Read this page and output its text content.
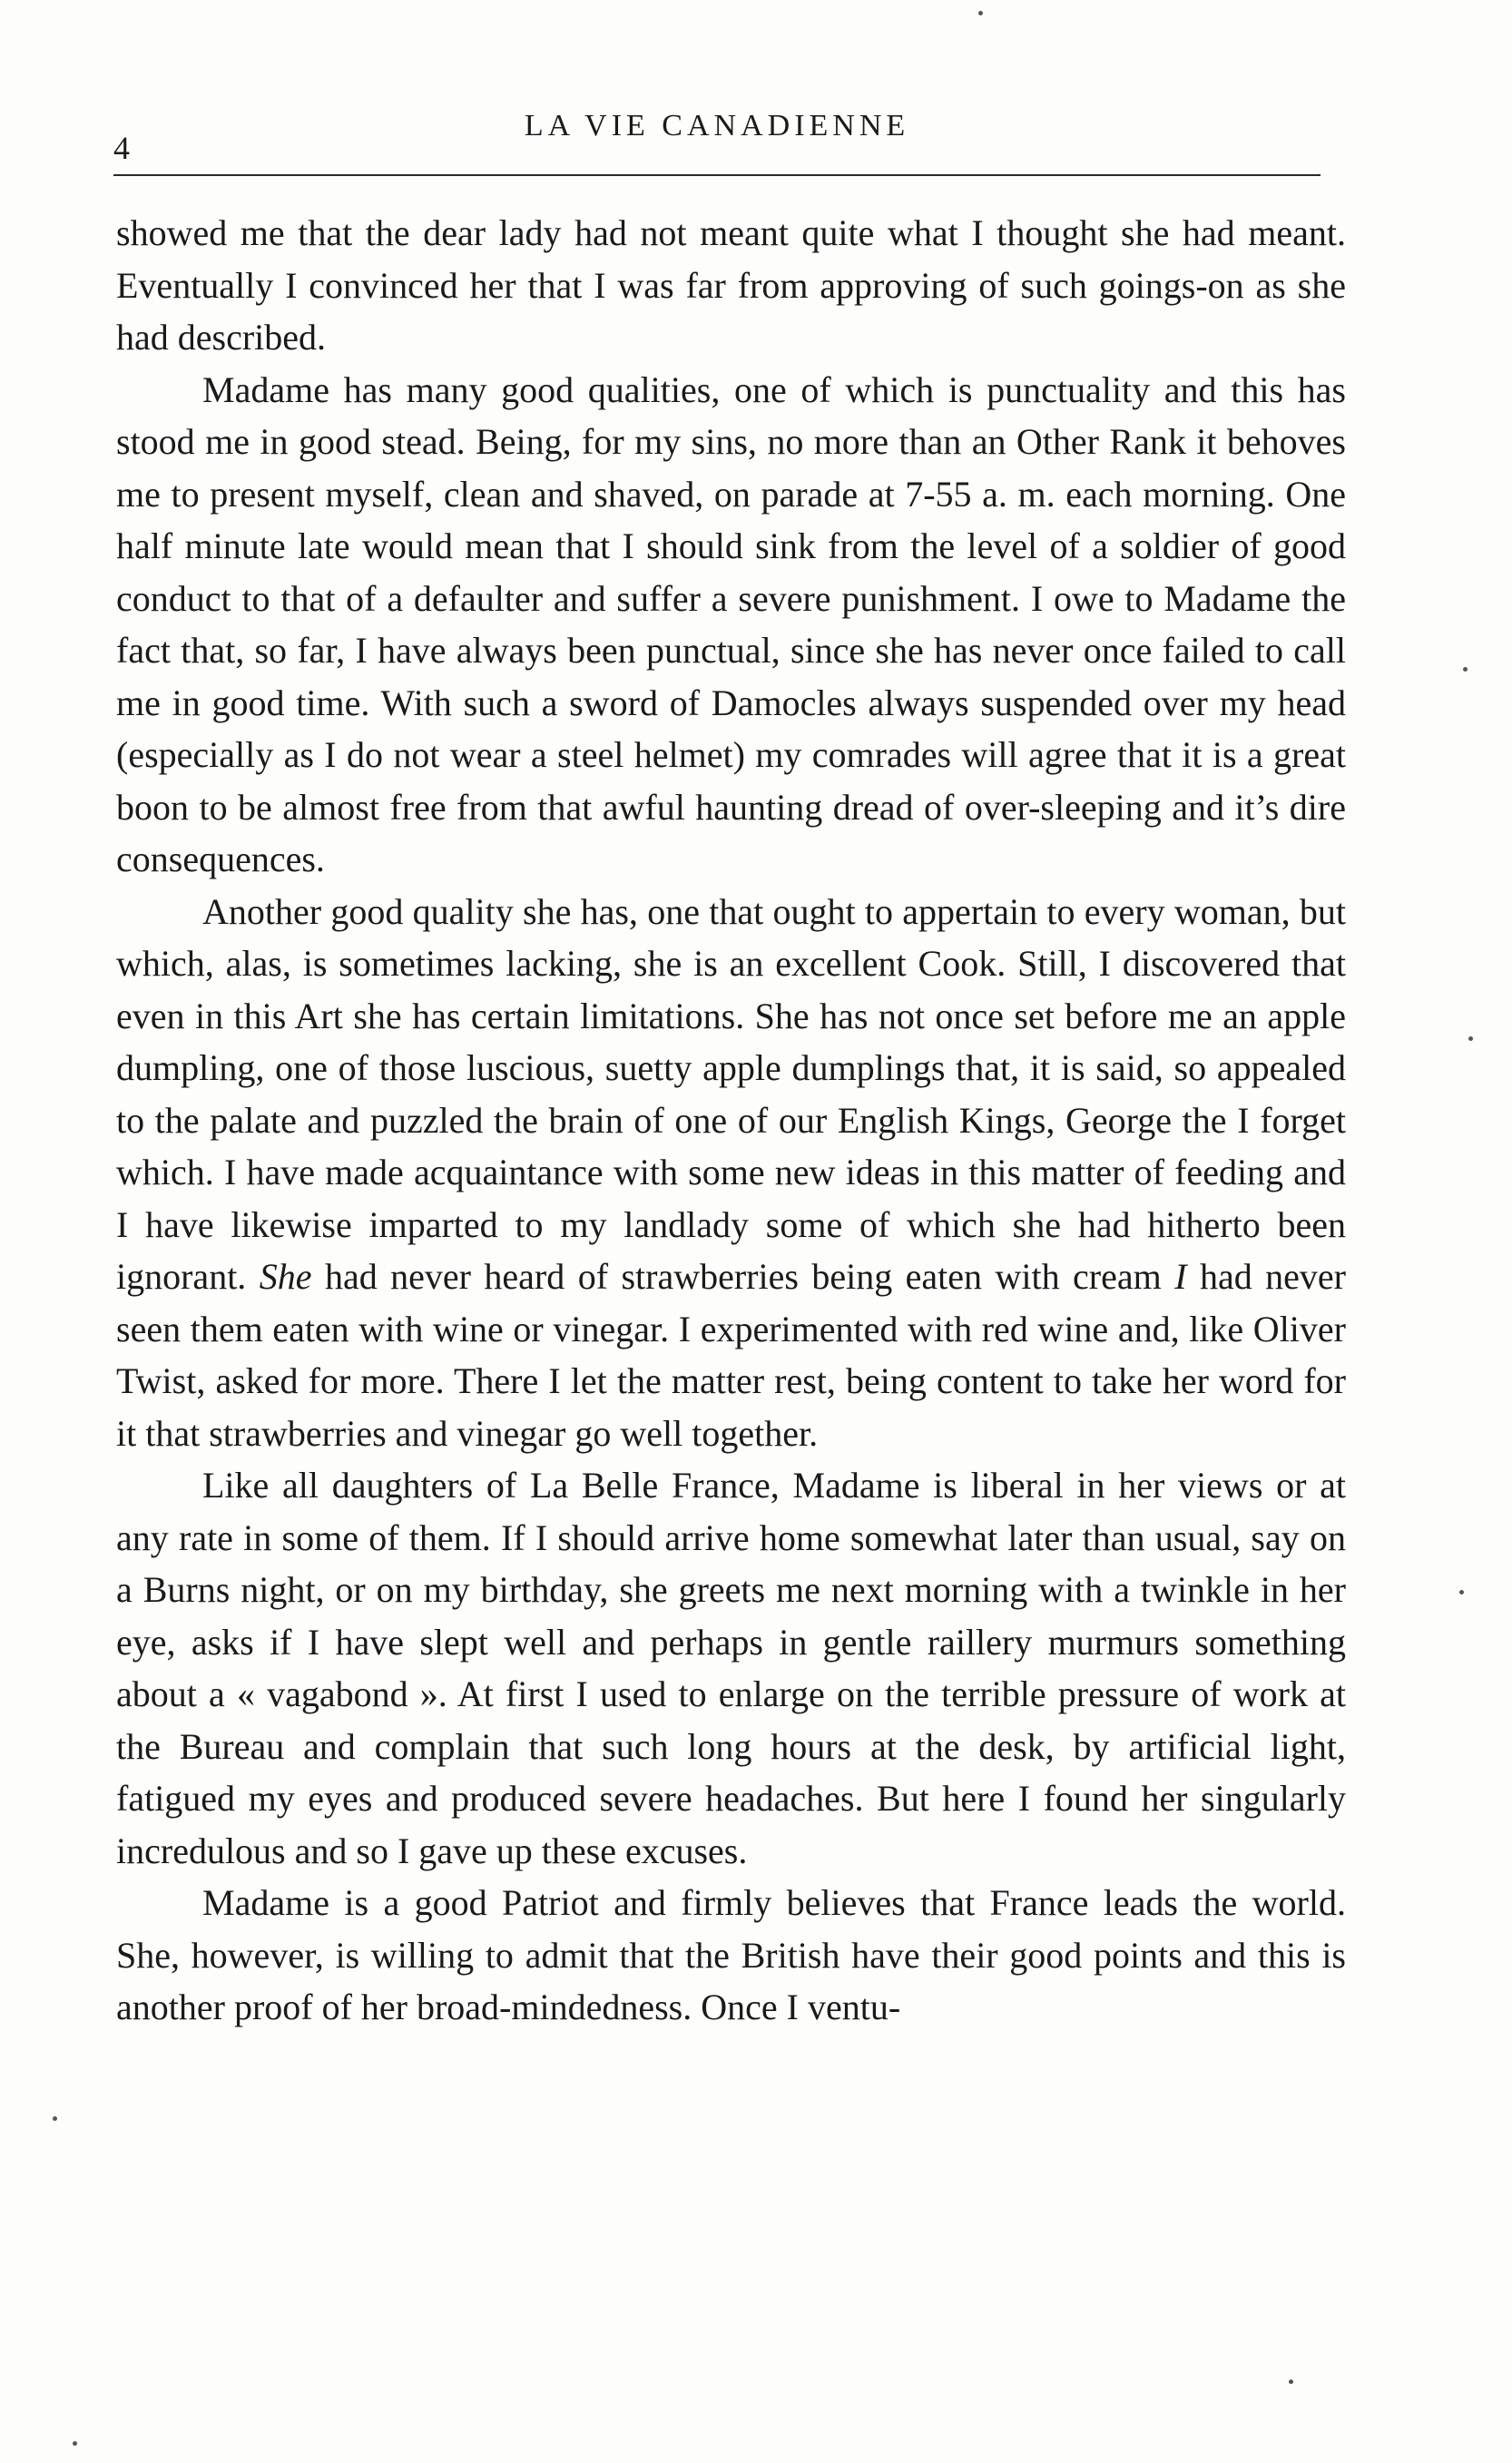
4
LA VIE CANADIENNE

showed me that the dear lady had not meant quite what I thought she had meant. Eventually I convinced her that I was far from approving of such goings-on as she had described.

Madame has many good qualities, one of which is punctuality and this has stood me in good stead. Being, for my sins, no more than an Other Rank it behoves me to present myself, clean and shaved, on parade at 7-55 a. m. each morning. One half minute late would mean that I should sink from the level of a soldier of good conduct to that of a defaulter and suffer a severe punishment. I owe to Madame the fact that, so far, I have always been punctual, since she has never once failed to call me in good time. With such a sword of Damocles always suspended over my head (especially as I do not wear a steel helmet) my comrades will agree that it is a great boon to be almost free from that awful haunting dread of over-sleeping and it’s dire consequences.

Another good quality she has, one that ought to appertain to every woman, but which, alas, is sometimes lacking, she is an excellent Cook. Still, I discovered that even in this Art she has certain limitations. She has not once set before me an apple dumpling, one of those luscious, suetty apple dumplings that, it is said, so appealed to the palate and puzzled the brain of one of our English Kings, George the I forget which. I have made acquaintance with some new ideas in this matter of feeding and I have likewise imparted to my landlady some of which she had hitherto been ignorant. She had never heard of strawberries being eaten with cream I had never seen them eaten with wine or vinegar. I experimented with red wine and, like Oliver Twist, asked for more. There I let the matter rest, being content to take her word for it that strawberries and vinegar go well together.

Like all daughters of La Belle France, Madame is liberal in her views or at any rate in some of them. If I should arrive home somewhat later than usual, say on a Burns night, or on my birthday, she greets me next morning with a twinkle in her eye, asks if I have slept well and perhaps in gentle raillery murmurs something about a « vagabond ». At first I used to enlarge on the terrible pressure of work at the Bureau and complain that such long hours at the desk, by artificial light, fatigued my eyes and produced severe headaches. But here I found her singularly incredulous and so I gave up these excuses.

Madame is a good Patriot and firmly believes that France leads the world. She, however, is willing to admit that the British have their good points and this is another proof of her broad-mindedness. Once I ventu-
